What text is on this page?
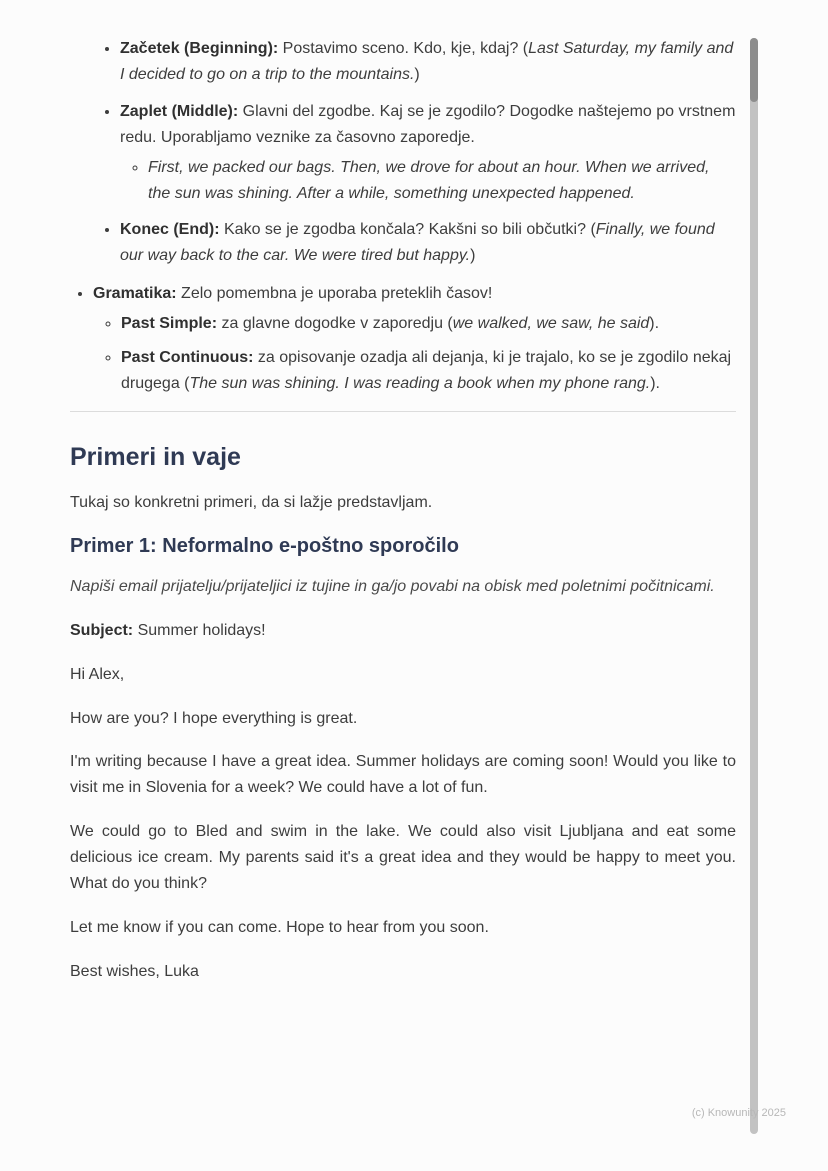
• Začetek (Beginning): Postavimo sceno. Kdo, kje, kdaj? (Last Saturday, my family and I decided to go on a trip to the mountains.)
• Zaplet (Middle): Glavni del zgodbe. Kaj se je zgodilo? Dogodke naštejemo po vrstnem redu. Uporabljamo veznike za časovno zaporedje.
◦ First, we packed our bags. Then, we drove for about an hour. When we arrived, the sun was shining. After a while, something unexpected happened.
• Konec (End): Kako se je zgodba končala? Kakšni so bili občutki? (Finally, we found our way back to the car. We were tired but happy.)
• Gramatika: Zelo pomembna je uporaba preteklih časov!
◦ Past Simple: za glavne dogodke v zaporedju (we walked, we saw, he said).
◦ Past Continuous: za opisovanje ozadja ali dejanja, ki je trajalo, ko se je zgodilo nekaj drugega (The sun was shining. I was reading a book when my phone rang.).
Primeri in vaje

Tukaj so konkretni primeri, da si lažje predstavljam.

Primer 1: Neformalno e-poštno sporočilo

Napiši email prijatelju/prijateljici iz tujine in ga/jo povabi na obisk med poletnimi počitnicami.

Subject: Summer holidays!

Hi Alex,

How are you? I hope everything is great.

I'm writing because I have a great idea. Summer holidays are coming soon! Would you like to visit me in Slovenia for a week? We could have a lot of fun.

We could go to Bled and swim in the lake. We could also visit Ljubljana and eat some delicious ice cream. My parents said it's a great idea and they would be happy to meet you. What do you think?

Let me know if you can come. Hope to hear from you soon.

Best wishes, Luka

(c) Knowunity 2025
